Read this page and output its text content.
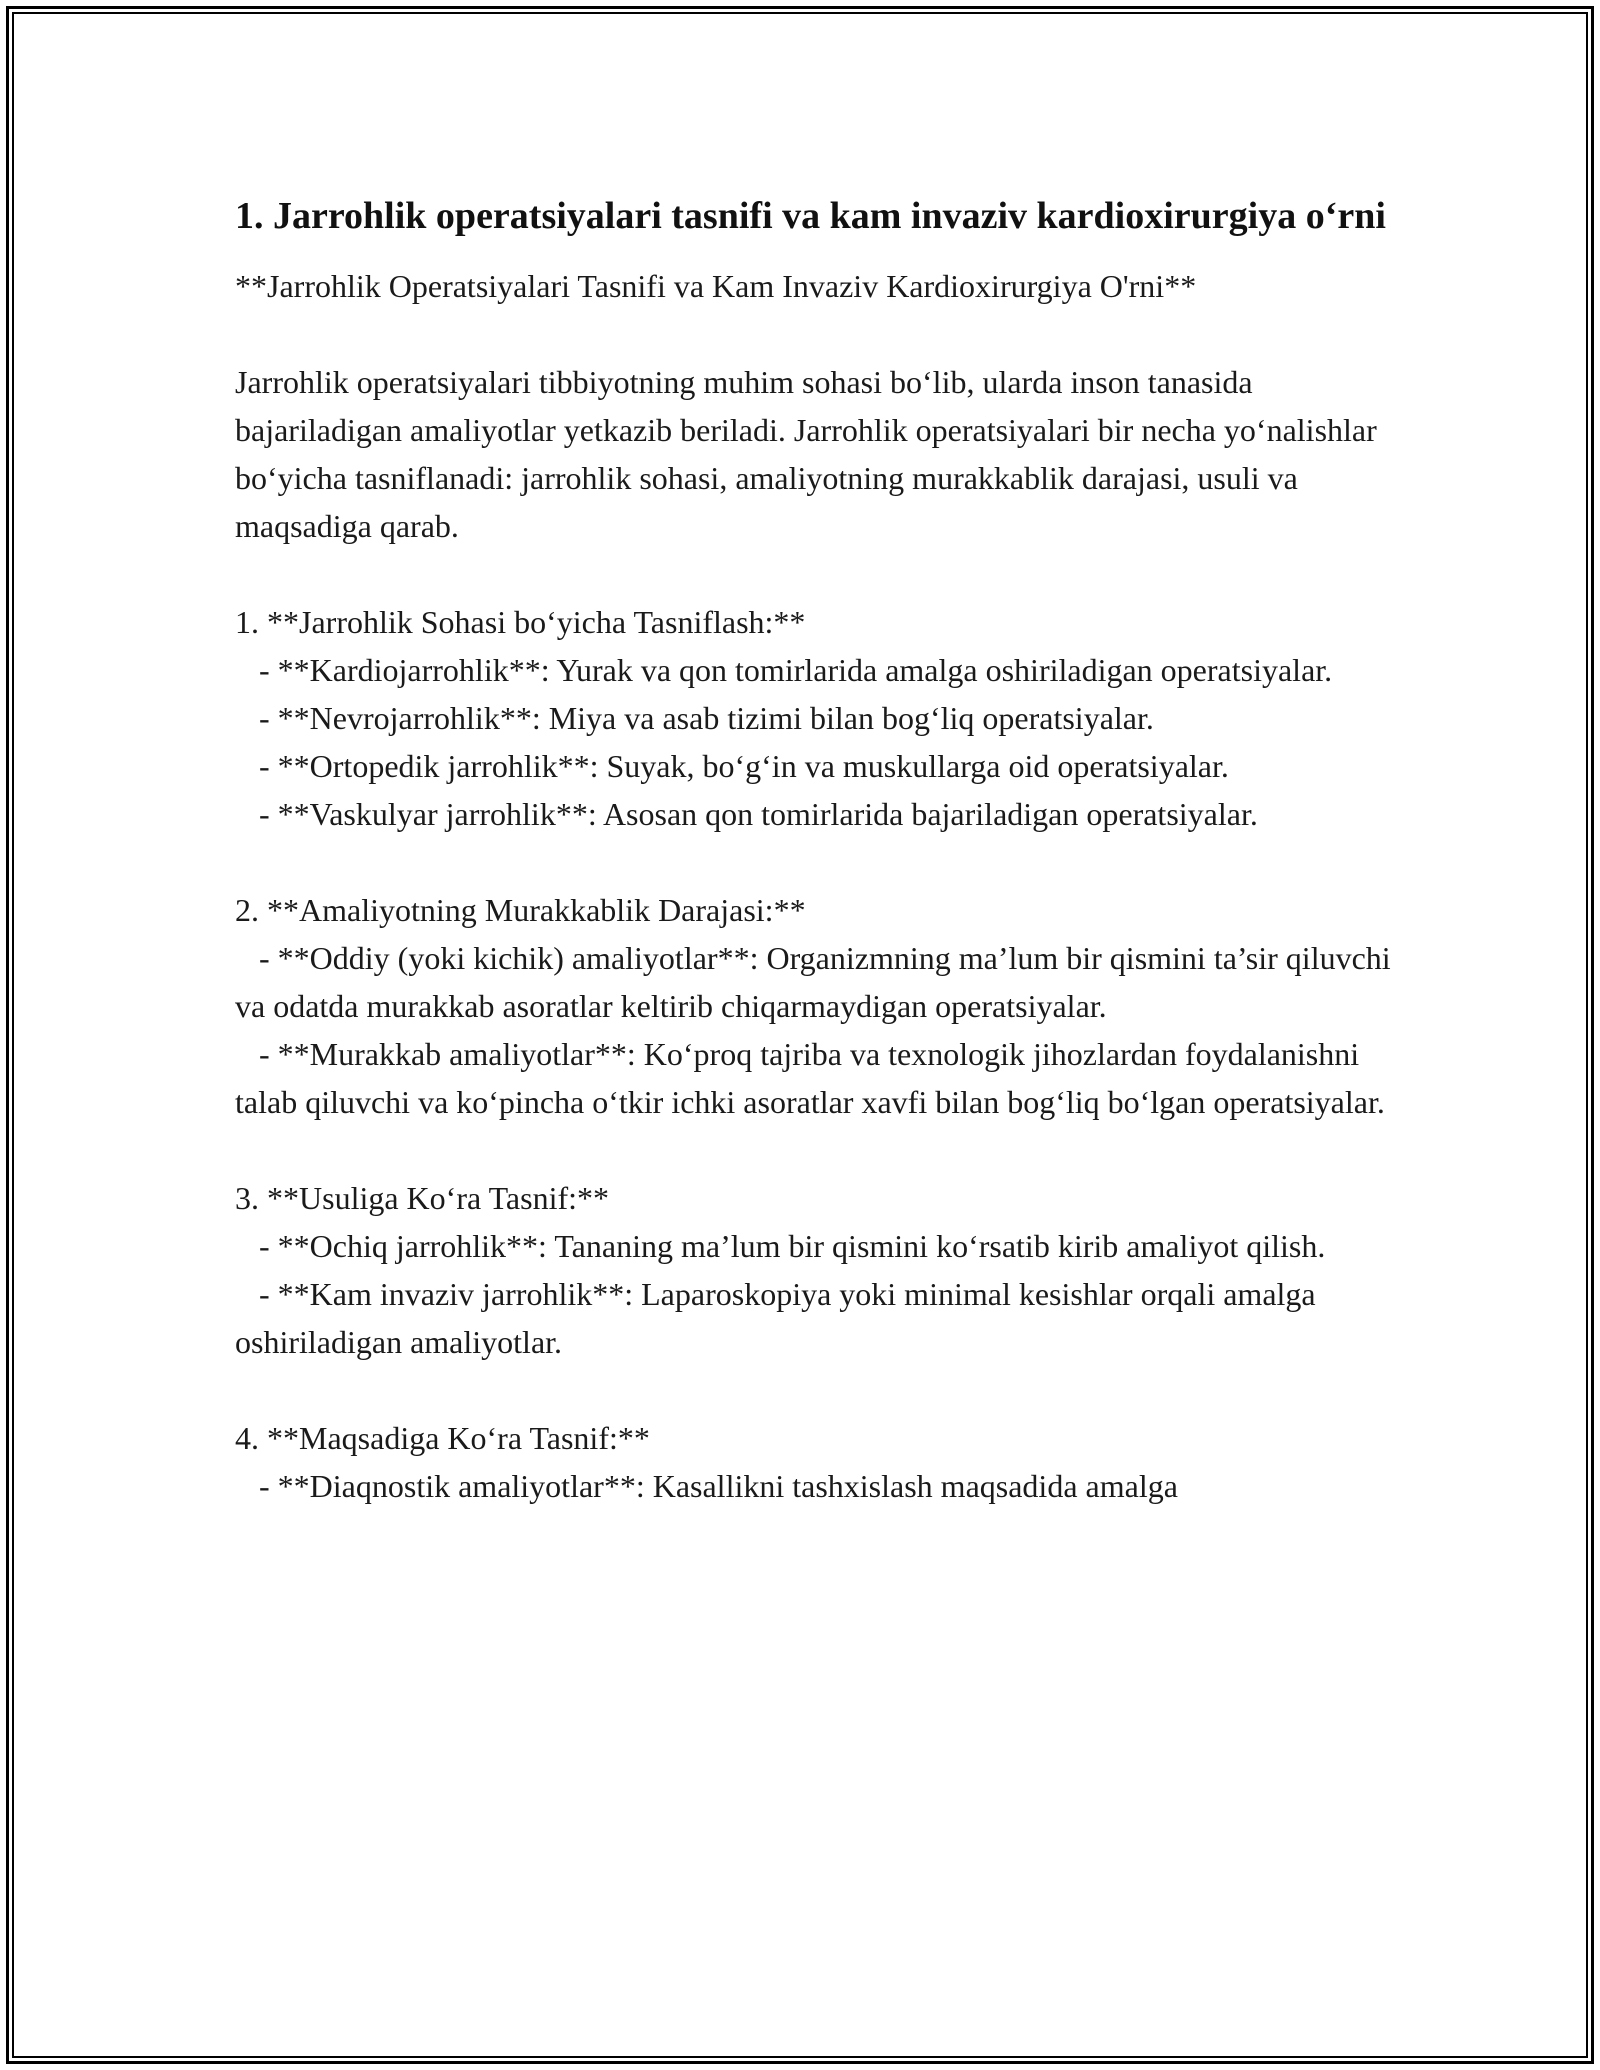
1. Jarrohlik operatsiyalari tasnifi va kam invaziv kardioxirurgiya o‘rni

**Jarrohlik Operatsiyalari Tasnifi va Kam Invaziv Kardioxirurgiya O'rni**

Jarrohlik operatsiyalari tibbiyotning muhim sohasi bo‘lib, ularda inson tanasida bajariladigan amaliyotlar yetkazib beriladi. Jarrohlik operatsiyalari bir necha yo‘nalishlar bo‘yicha tasniflanadi: jarrohlik sohasi, amaliyotning murakkablik darajasi, usuli va maqsadiga qarab.

1. **Jarrohlik Sohasi bo‘yicha Tasniflash:**

- **Kardiojarrohlik**: Yurak va qon tomirlarida amalga oshiriladigan operatsiyalar.

- **Nevrojarrohlik**: Miya va asab tizimi bilan bog‘liq operatsiyalar.

- **Ortopedik jarrohlik**: Suyak, bo‘g‘in va muskullarga oid operatsiyalar.

- **Vaskulyar jarrohlik**: Asosan qon tomirlarida bajariladigan operatsiyalar.

2. **Amaliyotning Murakkablik Darajasi:**

- **Oddiy (yoki kichik) amaliyotlar**: Organizmning ma’lum bir qismini ta’sir qiluvchi va odatda murakkab asoratlar keltirib chiqarmaydigan operatsiyalar.

- **Murakkab amaliyotlar**: Ko‘proq tajriba va texnologik jihozlardan foydalanishni talab qiluvchi va ko‘pincha o‘tkir ichki asoratlar xavfi bilan bog‘liq bo‘lgan operatsiyalar.

3. **Usuliga Ko‘ra Tasnif:**

- **Ochiq jarrohlik**: Tananing ma’lum bir qismini ko‘rsatib kirib amaliyot qilish.

- **Kam invaziv jarrohlik**: Laparoskopiya yoki minimal kesishlar orqali amalga oshiriladigan amaliyotlar.

4. **Maqsadiga Ko‘ra Tasnif:**

- **Diaqnostik amaliyotlar**: Kasallikni tashxislash maqsadida amalga
